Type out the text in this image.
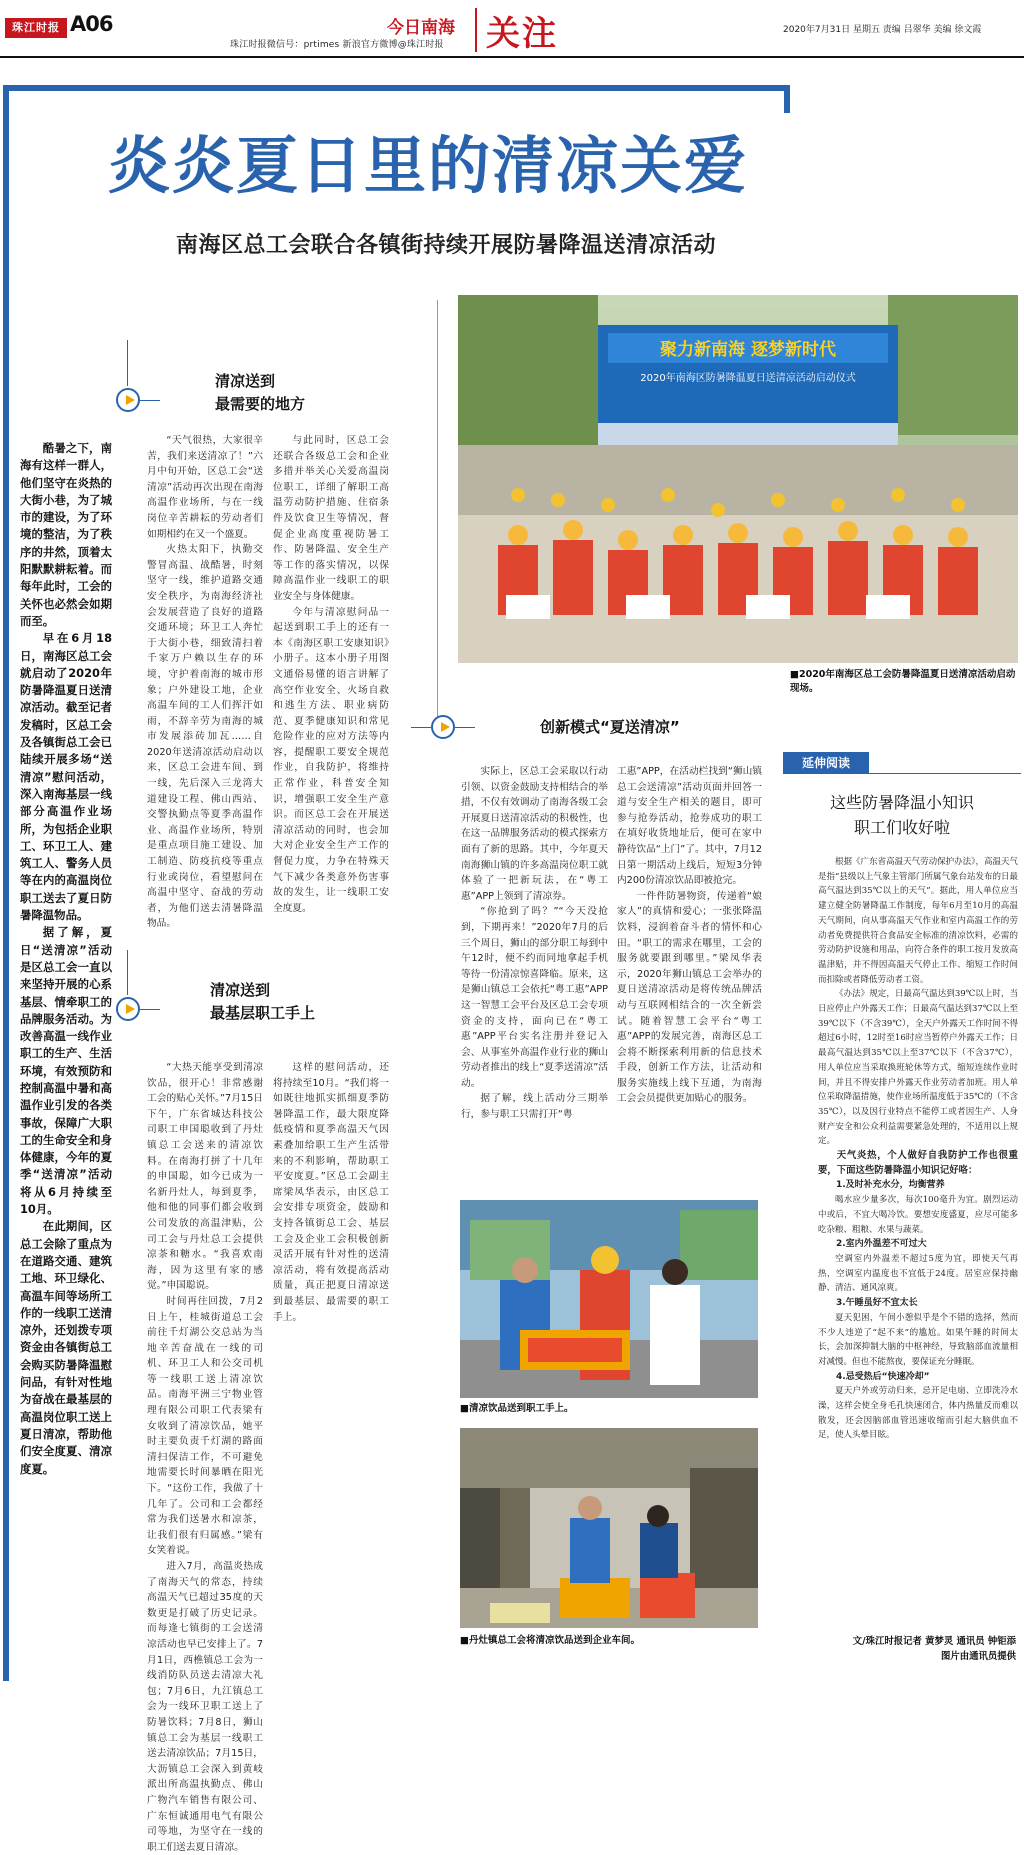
珠江时报 A06	今日南海
珠江时报微信号：prtimes 新浪官方微博@珠江时报 关注	2020年7月31日 星期五 责编 吕翠华 美编 徐文霞
炎炎夏日里的清凉关爱
南海区总工会联合各镇街持续开展防暑降温送清凉活动

酷暑之下，南海有这样一群人，他们坚守在炎热的大街小巷，为了城市的建设，为了环境的整洁，为了秩序的井然，顶着太阳默默耕耘着。而每年此时，工会的关怀也必然会如期而至。

早在6月18日，南海区总工会就启动了2020年防暑降温夏日送清凉活动。截至记者发稿时，区总工会及各镇街总工会已陆续开展多场“送清凉”慰问活动，深入南海基层一线部分高温作业场所，为包括企业职工、环卫工人、建筑工人、警务人员等在内的高温岗位职工送去了夏日防暑降温物品。

据了解，夏日“送清凉”活动是区总工会一直以来坚持开展的心系基层、情牵职工的品牌服务活动。为改善高温一线作业职工的生产、生活环境，有效预防和控制高温中暑和高温作业引发的各类事故，保障广大职工的生命安全和身体健康，今年的夏季“送清凉”活动将从6月持续至10月。

在此期间，区总工会除了重点为在道路交通、建筑工地、环卫绿化、高温车间等场所工作的一线职工送清凉外，还划拨专项资金由各镇街总工会购买防暑降温慰问品，有针对性地为奋战在最基层的高温岗位职工送上夏日清凉，帮助他们安全度夏、清凉度夏。

清凉送到
最需要的地方

“天气很热，大家很辛苦，我们来送清凉了！”六月中旬开始，区总工会“送清凉”活动再次出现在南海高温作业场所，与在一线岗位辛苦耕耘的劳动者们如期相约在又一个盛夏。

火热太阳下，执勤交警冒高温、战酷暑，时刻坚守一线，维护道路交通安全秩序，为南海经济社会发展营造了良好的道路交通环境；环卫工人奔忙于大街小巷，细致清扫着千家万户赖以生存的环境，守护着南海的城市形象；户外建设工地，企业高温车间的工人们挥汗如雨，不辞辛劳为南海的城市发展添砖加瓦……自2020年送清凉活动启动以来，区总工会进车间、到一线，先后深入三龙湾大道建设工程、佛山西站、交警执勤点等夏季高温作业、高温作业场所，特别是重点项目施工建设、加工制造、防疫抗疫等重点行业或岗位，看望慰问在高温中坚守、奋战的劳动者，为他们送去清暑降温物品。

与此同时，区总工会还联合各级总工会和企业多措并举关心关爱高温岗位职工，详细了解职工高温劳动防护措施、住宿条件及饮食卫生等情况，督促企业高度重视防暑工作、防暑降温、安全生产等工作的落实情况，以保障高温作业一线职工的职业安全与身体健康。

今年与清凉慰问品一起送到职工手上的还有一本《南海区职工安康知识》小册子。这本小册子用图文通俗易懂的语言讲解了高空作业安全、火场自救和逃生方法、职业病防范、夏季健康知识和常见危险作业的应对方法等内容，提醒职工要安全规范作业，自我防护，将维持正常作业，科普安全知识，增强职工安全生产意识。而区总工会在开展送清凉活动的同时，也会加大对企业安全生产工作的督促力度，力争在特殊天气下减少各类意外伤害事故的发生，让一线职工安全度夏。

清凉送到
最基层职工手上

“大热天能享受到清凉饮品，很开心！非常感谢工会的贴心关怀。”7月15日下午，广东省城达科技公司职工申国聪收到了丹灶镇总工会送来的清凉饮料。在南海打拼了十几年的申国聪，如今已成为一名新丹灶人，每到夏季，他和他的同事们都会收到公司发放的高温津贴，公司工会与丹灶总工会提供凉茶和糖水。“我喜欢南海，因为这里有家的感觉。”申国聪说。

时间再往回拨，7月2日上午，桂城街道总工会前往千灯湖公交总站为当地辛苦奋战在一线的司机、环卫工人和公交司机等一线职工送上清凉饮品。南海平洲三宁物业管理有限公司职工代表梁有女收到了清凉饮品，她平时主要负责千灯湖的路面清扫保洁工作，不可避免地需要长时间暴晒在阳光下。“这份工作，我做了十几年了。公司和工会都经常为我们送暑水和凉茶，让我们很有归属感。”梁有女笑着说。

进入7月，高温炎热成了南海天气的常态，持续高温天气已超过35度的天数更是打破了历史记录。而每逢七镇街的工会送清凉活动也早已安排上了。7月1日，西樵镇总工会为一线消防队员送去清凉大礼包；7月6日，九江镇总工会为一线环卫职工送上了防暑饮料；7月8日，狮山镇总工会为基层一线职工送去清凉饮品；7月15日，大沥镇总工会深入到黄岐派出所高温执勤点、佛山广物汽车销售有限公司、广东恒诚通用电气有限公司等地，为坚守在一线的职工们送去夏日清凉。

这样的慰问活动，还将持续至10月。“我们将一如既往地抓实抓细夏季防暑降温工作，最大限度降低疫情和夏季高温天气因素叠加给职工生产生活带来的不利影响，帮助职工平安度夏。”区总工会副主席梁凤华表示，由区总工会安排专项资金，鼓励和支持各镇街总工会、基层工会及企业工会积极创新灵活开展有针对性的送清凉活动，将有效提高活动质量，真正把夏日清凉送到最基层、最需要的职工手上。

聚力新南海 逐梦新时代
2020年南海区防暑降温夏日送清凉活动启动仪式
■2020年南海区总工会防暑降温夏日送清凉活动启动现场。
创新模式“夏送清凉”

实际上，区总工会采取以行动引领、以资金鼓励支持相结合的举措，不仅有效调动了南海各级工会开展夏日送清凉活动的积极性，也在这一品牌服务活动的模式探索方面有了新的思路。其中，今年夏天南海狮山镇的许多高温岗位职工就体验了一把新玩法，在“粤工惠”APP上领到了清凉券。

“你抢到了吗？”“今天没抢到，下期再来！”2020年7月的后三个周日，狮山的部分职工每到中午12时，便不约而同地拿起手机等待一份清凉惊喜降临。原来，这是狮山镇总工会依托“粤工惠”APP这一智慧工会平台及区总工会专项资金的支持，面向已在“粤工惠”APP平台实名注册并登记入会、从事室外高温作业行业的狮山劳动者推出的线上“夏季送清凉”活动。

据了解，线上活动分三期举行，参与职工只需打开“粤

工惠”APP，在活动栏找到“狮山镇总工会送清凉”活动页面并回答一道与安全生产相关的题目，即可参与抢券活动，抢券成功的职工在填好收货地址后，便可在家中静待饮品“上门”了。其中，7月12日第一期活动上线后，短短3分钟内200份清凉饮品即被抢完。

一件件防暑物资，传递着“娘家人”的真情和爱心；一张张降温饮料，浸润着奋斗者的情怀和心田。“职工的需求在哪里，工会的服务就要跟到哪里。”梁凤华表示，2020年狮山镇总工会举办的夏日送清凉活动是将传统品牌活动与互联网相结合的一次全新尝试。随着智慧工会平台“粤工惠”APP的发展完善，南海区总工会将不断探索利用新的信息技术手段，创新工作方法，让活动和服务实施线上线下互通，为南海工会会员提供更加贴心的服务。

■清凉饮品送到职工手上。
■丹灶镇总工会将清凉饮品送到企业车间。
延伸阅读
这些防暑降温小知识
职工们收好啦

根据《广东省高温天气劳动保护办法》，高温天气是指“县级以上气象主管部门所属气象台站发布的日最高气温达到35℃以上的天气”。据此，用人单位应当建立健全防暑降温工作制度，每年6月至10月的高温天气期间，向从事高温天气作业和室内高温工作的劳动者免费提供符合食品安全标准的清凉饮料，必需的劳动防护设施和用品，向符合条件的职工按月发放高温津贴，并不得因高温天气停止工作、缩短工作时间而扣除或者降低劳动者工资。

《办法》规定，日最高气温达到39℃以上时，当日应停止户外露天工作；日最高气温达到37℃以上至39℃以下（不含39℃），全天户外露天工作时间不得超过6小时，12时至16时应当暂停户外露天工作；日最高气温达到35℃以上至37℃以下（不含37℃），用人单位应当采取换班轮休等方式，缩短连续作业时间，并且不得安排户外露天作业劳动者加班。用人单位采取降温措施，使作业场所温度低于35℃的（不含35℃），以及因行业特点不能停工或者因生产、人身财产安全和公众利益需要紧急处理的，不适用以上规定。

天气炎热，个人做好自我防护工作也很重要，下面这些防暑降温小知识记好咯：

1.及时补充水分，均衡营养

喝水应少量多次，每次100毫升为宜。剧烈运动中或后，不宜大喝冷饮。要想安度盛夏，应尽可能多吃杂粮、粗粮、水果与蔬菜。

2.室内外温差不可过大

空调室内外温差不超过5度为宜，即使天气再热，空调室内温度也不宜低于24度。居室应保持幽静、清洁、通风凉爽。

3.午睡虽好不宜太长

夏天犯困，午间小憩似乎是个不错的选择，然而不少人违逆了“起不来”的尴尬。如果午睡的时间太长，会加深抑制大脑的中枢神经，导致脑部血流量相对减慢。但也不能熬夜，要保证充分睡眠。

4.忌受热后“快速冷却”

夏天户外或劳动归来，忌开足电扇、立即洗冷水澡，这样会使全身毛孔快速闭合，体内热量反而难以散发，还会因脑部血管迅速收缩而引起大脑供血不足，使人头晕目眩。

文/珠江时报记者 黄梦灵 通讯员 钟钜添
图片由通讯员提供
